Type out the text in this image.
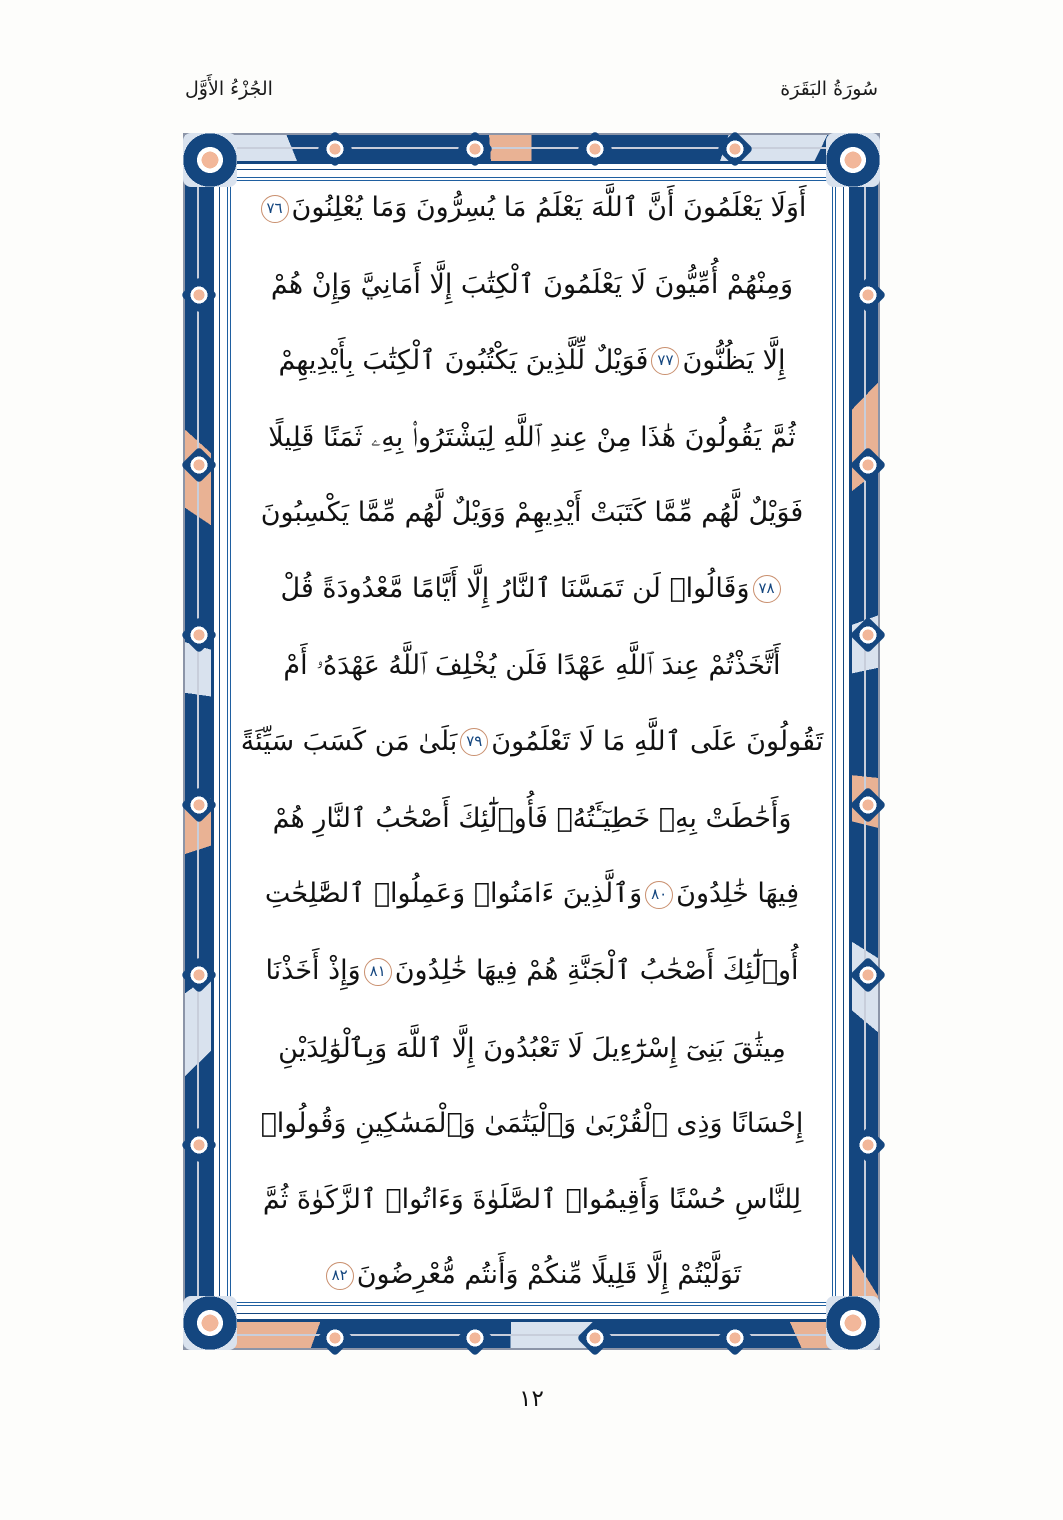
سُورَةُ البَقَرَة
الجُزْءُ الأَوَّل
أَوَلَا يَعْلَمُونَ أَنَّ ٱللَّهَ يَعْلَمُ مَا يُسِرُّونَ وَمَا يُعْلِنُونَ٧٦
وَمِنْهُمْ أُمِّيُّونَ لَا يَعْلَمُونَ ٱلْكِتَٰبَ إِلَّا أَمَانِيَّ وَإِنْ هُمْ
إِلَّا يَظُنُّونَ٧٧فَوَيْلٌ لِّلَّذِينَ يَكْتُبُونَ ٱلْكِتَٰبَ بِأَيْدِيهِمْ
ثُمَّ يَقُولُونَ هَٰذَا مِنْ عِندِ ٱللَّهِ لِيَشْتَرُوا۟ بِهِۦ ثَمَنًا قَلِيلًا
فَوَيْلٌ لَّهُم مِّمَّا كَتَبَتْ أَيْدِيهِمْ وَوَيْلٌ لَّهُم مِّمَّا يَكْسِبُونَ
٧٨وَقَالُوا۟ لَن تَمَسَّنَا ٱلنَّارُ إِلَّا أَيَّامًا مَّعْدُودَةً قُلْ
أَتَّخَذْتُمْ عِندَ ٱللَّهِ عَهْدًا فَلَن يُخْلِفَ ٱللَّهُ عَهْدَهُۥ أَمْ
تَقُولُونَ عَلَى ٱللَّهِ مَا لَا تَعْلَمُونَ٧٩بَلَىٰ مَن كَسَبَ سَيِّئَةً
وَأَحَٰطَتْ بِهِۦ خَطِيٓـَٔتُهُۥ فَأُو۟لَٰٓئِكَ أَصْحَٰبُ ٱلنَّارِ هُمْ
فِيهَا خَٰلِدُونَ٨٠وَٱلَّذِينَ ءَامَنُوا۟ وَعَمِلُوا۟ ٱلصَّٰلِحَٰتِ
أُو۟لَٰٓئِكَ أَصْحَٰبُ ٱلْجَنَّةِ هُمْ فِيهَا خَٰلِدُونَ٨١وَإِذْ أَخَذْنَا
مِيثَٰقَ بَنِىٓ إِسْرَٰٓءِيلَ لَا تَعْبُدُونَ إِلَّا ٱللَّهَ وَبِٱلْوَٰلِدَيْنِ
إِحْسَانًا وَذِى ٱلْقُرْبَىٰ وَٱلْيَتَٰمَىٰ وَٱلْمَسَٰكِينِ وَقُولُوا۟
لِلنَّاسِ حُسْنًا وَأَقِيمُوا۟ ٱلصَّلَوٰةَ وَءَاتُوا۟ ٱلزَّكَوٰةَ ثُمَّ
تَوَلَّيْتُمْ إِلَّا قَلِيلًا مِّنكُمْ وَأَنتُم مُّعْرِضُونَ٨٢
١٢
